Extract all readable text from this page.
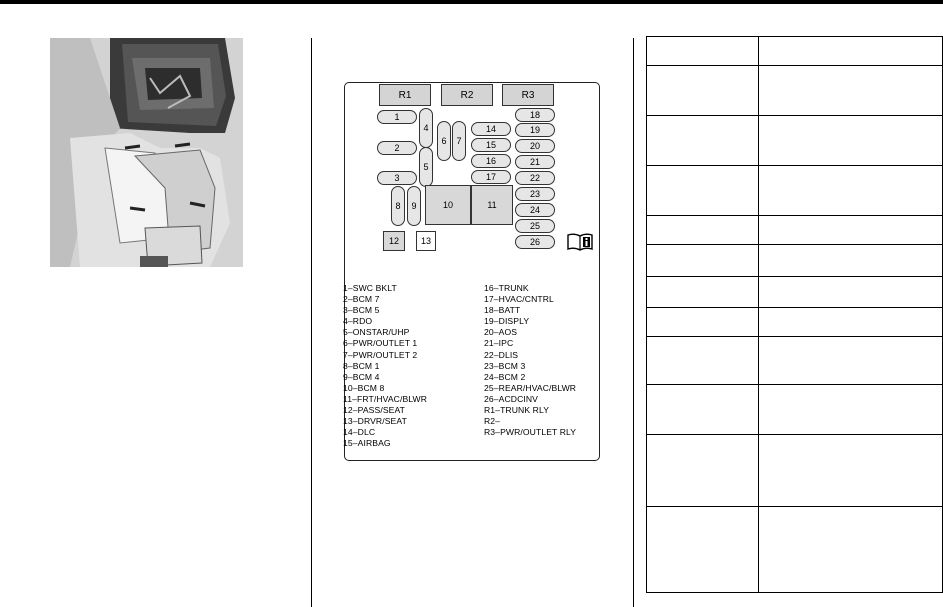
R1	R2	R3
1
2
3
4
5
6	7
14
15
16
17
18
19
20
21
22
23
24
25
26
8	9	10	11
12	13
1–SWC BKLT
2–BCM 7
3–BCM 5
4–RDO
5–ONSTAR/UHP
6–PWR/OUTLET 1
7–PWR/OUTLET 2
8–BCM 1
9–BCM 4
10–BCM 8
11–FRT/HVAC/BLWR
12–PASS/SEAT
13–DRVR/SEAT
14–DLC
15–AIRBAG
16–TRUNK
17–HVAC/CNTRL
18–BATT
19–DISPLY
20–AOS
21–IPC
22–DLIS
23–BCM 3
24–BCM 2
25–REAR/HVAC/BLWR
26–ACDCINV
R1–TRUNK RLY
R2–
R3–PWR/OUTLET RLY
